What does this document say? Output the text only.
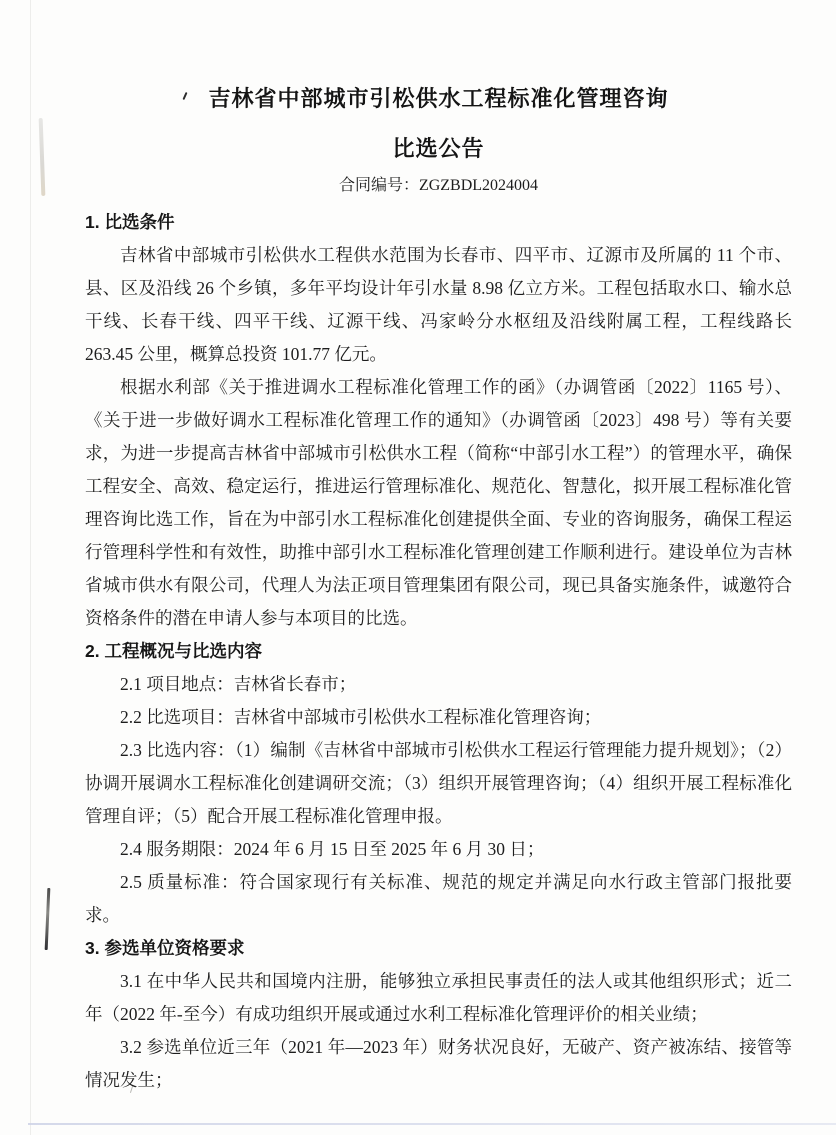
吉林省中部城市引松供水工程标准化管理咨询
比选公告
合同编号：ZGZBDL2024004
1. 比选条件

吉林省中部城市引松供水工程供水范围为长春市、四平市、辽源市及所属的 11 个市、县、区及沿线 26 个乡镇，多年平均设计年引水量 8.98 亿立方米。工程包括取水口、输水总干线、长春干线、四平干线、辽源干线、冯家岭分水枢纽及沿线附属工程，工程线路长 263.45 公里，概算总投资 101.77 亿元。

根据水利部《关于推进调水工程标准化管理工作的函》（办调管函〔2022〕1165 号）、《关于进一步做好调水工程标准化管理工作的通知》（办调管函〔2023〕498 号）等有关要求，为进一步提高吉林省中部城市引松供水工程（简称“中部引水工程”）的管理水平，确保工程安全、高效、稳定运行，推进运行管理标准化、规范化、智慧化，拟开展工程标准化管理咨询比选工作，旨在为中部引水工程标准化创建提供全面、专业的咨询服务，确保工程运行管理科学性和有效性，助推中部引水工程标准化管理创建工作顺利进行。建设单位为吉林省城市供水有限公司，代理人为法正项目管理集团有限公司，现已具备实施条件，诚邀符合资格条件的潜在申请人参与本项目的比选。

2. 工程概况与比选内容

2.1 项目地点：吉林省长春市；

2.2 比选项目：吉林省中部城市引松供水工程标准化管理咨询；

2.3 比选内容：（1）编制《吉林省中部城市引松供水工程运行管理能力提升规划》；（2）协调开展调水工程标准化创建调研交流；（3）组织开展管理咨询；（4）组织开展工程标准化管理自评；（5）配合开展工程标准化管理申报。

2.4 服务期限：2024 年 6 月 15 日至 2025 年 6 月 30 日；

2.5 质量标准：符合国家现行有关标准、规范的规定并满足向水行政主管部门报批要求。

3. 参选单位资格要求

3.1 在中华人民共和国境内注册，能够独立承担民事责任的法人或其他组织形式；近二年（2022 年-至今）有成功组织开展或通过水利工程标准化管理评价的相关业绩；

3.2 参选单位近三年（2021 年—2023 年）财务状况良好，无破产、资产被冻结、接管等情况发生；
